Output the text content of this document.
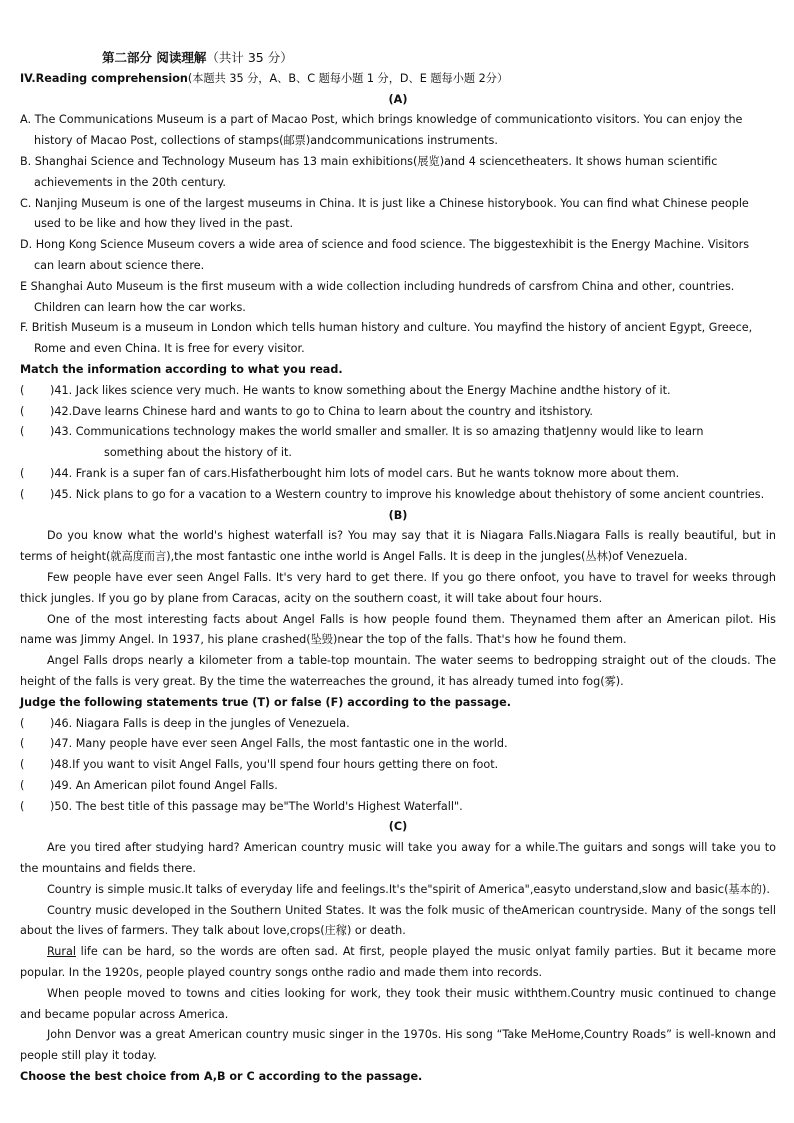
第二部分 阅读理解（共计 35 分）
IV.Reading comprehension(本题共 35 分，A、B、C 题每小题 1 分，D、E 题每小题 2分）
(A)
A. The Communications Museum is a part of Macao Post, which brings knowledge of communicationto visitors. You can enjoy the
history of Macao Post, collections of stamps(邮票)andcommunications instruments.
B. Shanghai Science and Technology Museum has 13 main exhibitions(展览)and 4 sciencetheaters. It shows human scientific
achievements in the 20th century.
C. Nanjing Museum is one of the largest museums in China. It is just like a Chinese historybook. You can find what Chinese people
used to be like and how they lived in the past.
D. Hong Kong Science Museum covers a wide area of science and food science. The biggestexhibit is the Energy Machine. Visitors
can learn about science there.
E Shanghai Auto Museum is the first museum with a wide collection including hundreds of carsfrom China and other, countries.
Children can learn how the car works.
F. British Museum is a museum in London which tells human history and culture. You mayfind the history of ancient Egypt, Greece,
Rome and even China. It is free for every visitor.
Match the information according to what you read.
( )41. Jack likes science very much. He wants to know something about the Energy Machine andthe history of it.
( )42.Dave learns Chinese hard and wants to go to China to learn about the country and itshistory.
( )43. Communications technology makes the world smaller and smaller. It is so amazing thatJenny would like to learn
something about the history of it.
( )44. Frank is a super fan of cars.Hisfatherbought him lots of model cars. But he wants toknow more about them.
( )45. Nick plans to go for a vacation to a Western country to improve his knowledge about thehistory of some ancient countries.
(B)
Do you know what the world's highest waterfall is? You may say that it is Niagara Falls.Niagara Falls is really beautiful, but in terms of height(就高度而言),the most fantastic one inthe world is Angel Falls. It is deep in the jungles(丛林)of Venezuela.
Few people have ever seen Angel Falls. It's very hard to get there. If you go there onfoot, you have to travel for weeks through thick jungles. If you go by plane from Caracas, acity on the southern coast, it will take about four hours.
One of the most interesting facts about Angel Falls is how people found them. Theynamed them after an American pilot. His name was Jimmy Angel. In 1937, his plane crashed(坠毁)near the top of the falls. That's how he found them.
Angel Falls drops nearly a kilometer from a table-top mountain. The water seems to bedropping straight out of the clouds. The height of the falls is very great. By the time the waterreaches the ground, it has already tumed into fog(雾).
Judge the following statements true (T) or false (F) according to the passage.
( )46. Niagara Falls is deep in the jungles of Venezuela.
( )47. Many people have ever seen Angel Falls, the most fantastic one in the world.
( )48.If you want to visit Angel Falls, you'll spend four hours getting there on foot.
( )49. An American pilot found Angel Falls.
( )50. The best title of this passage may be"The World's Highest Waterfall".
(C)
Are you tired after studying hard? American country music will take you away for a while.The guitars and songs will take you to the mountains and fields there.
Country is simple music.It talks of everyday life and feelings.It's the"spirit of America",easyto understand,slow and basic(基本的).
Country music developed in the Southern United States. It was the folk music of theAmerican countryside. Many of the songs tell about the lives of farmers. They talk about love,crops(庄稼) or death.
Rural life can be hard, so the words are often sad. At first, people played the music onlyat family parties. But it became more popular. In the 1920s, people played country songs onthe radio and made them into records.
When people moved to towns and cities looking for work, they took their music withthem.Country music continued to change and became popular across America.
John Denvor was a great American country music singer in the 1970s. His song “Take MeHome,Country Roads” is well-known and people still play it today.
Choose the best choice from A,B or C according to the passage.
